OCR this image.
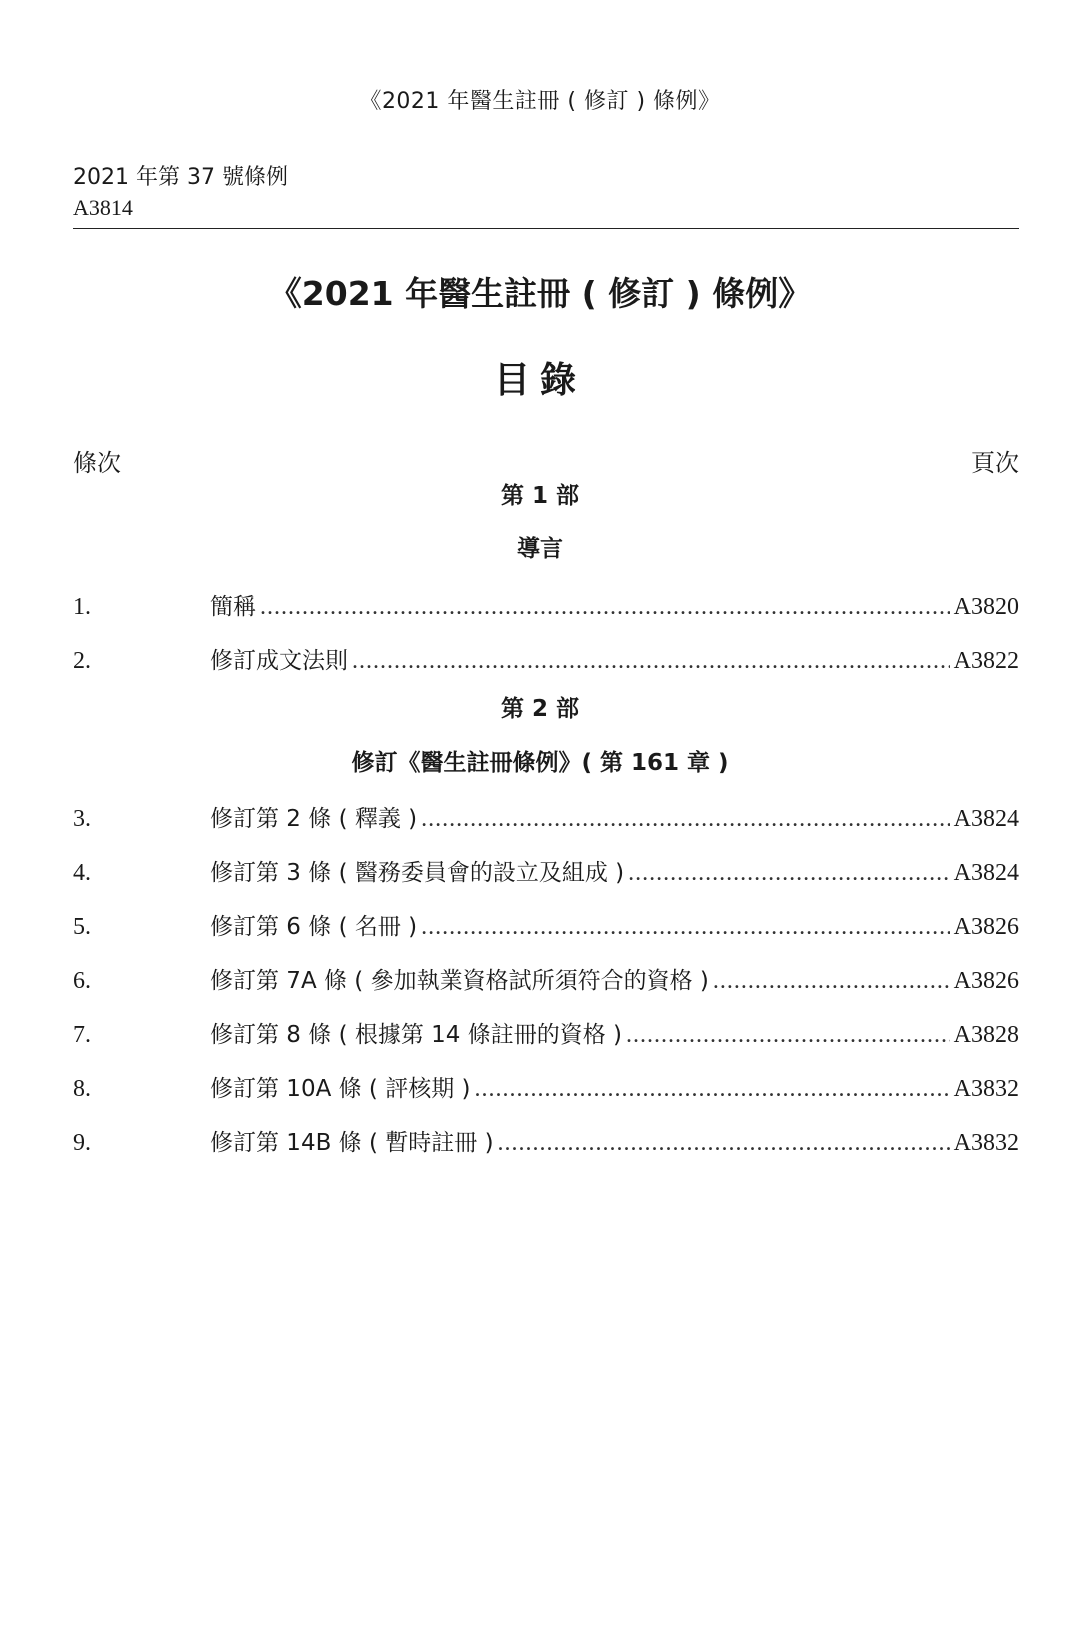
《2021 年醫生註冊 ( 修訂 ) 條例》
2021 年第 37 號條例
A3814
《2021 年醫生註冊 ( 修訂 ) 條例》
目錄
條次	頁次
第 1 部
導言
1.	簡稱 .....	A3820
2.	修訂成文法則 .....	A3822
第 2 部
修訂《醫生註冊條例》( 第 161 章 )
3.	修訂第 2 條 ( 釋義 ) .....	A3824
4.	修訂第 3 條 ( 醫務委員會的設立及組成 ) .....	A3824
5.	修訂第 6 條 ( 名冊 ) .....	A3826
6.	修訂第 7A 條 ( 參加執業資格試所須符合的資格 ) .....	A3826
7.	修訂第 8 條 ( 根據第 14 條註冊的資格 ) .....	A3828
8.	修訂第 10A 條 ( 評核期 ) .....	A3832
9.	修訂第 14B 條 ( 暫時註冊 ) .....	A3832
